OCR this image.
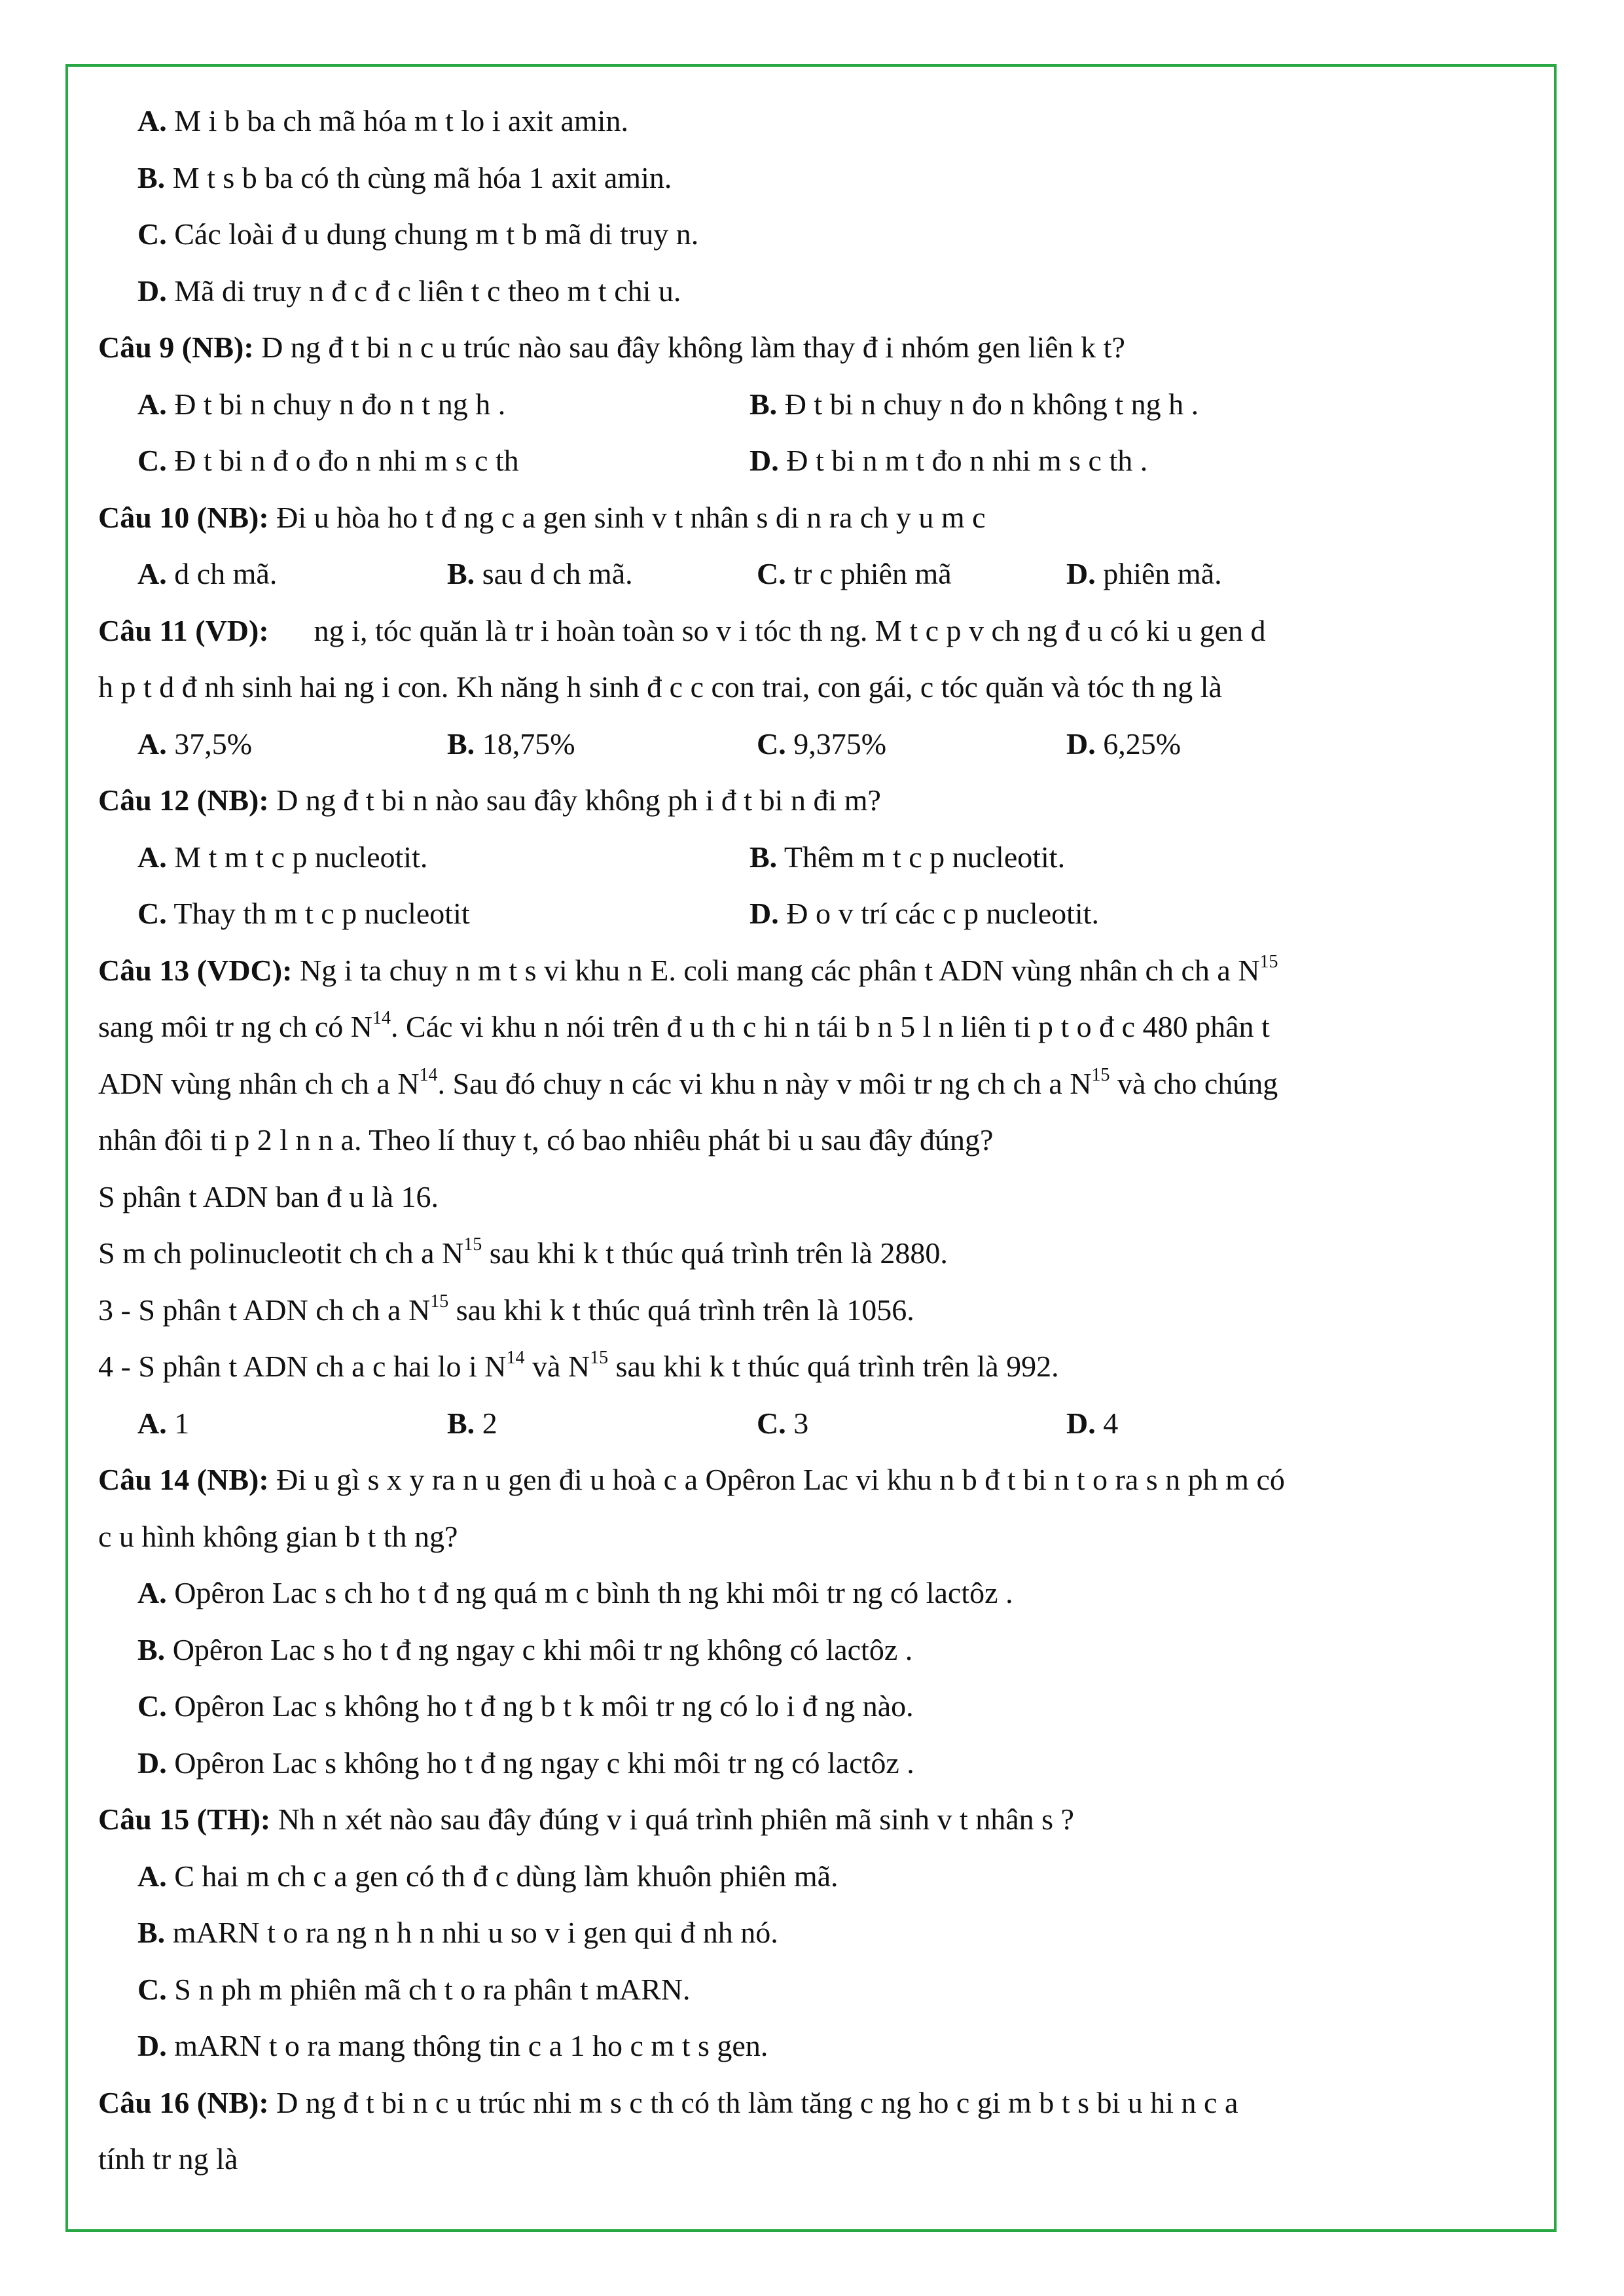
A. M i b ba ch mã hóa m t lo i axit amin.
B. M t s b ba có th cùng mã hóa 1 axit amin.
C. Các loài đ u dung chung m t b mã di truy n.
D. Mã di truy n đ c đ c liên t c theo m t chi u.
Câu 9 (NB): D ng đ t bi n c u trúc nào sau đây không làm thay đ i nhóm gen liên k t?
A. Đ t bi n chuy n đo n t ng h .	B. Đ t bi n chuy n đo n không t ng h .
C. Đ t bi n đ o đo n nhi m s c th	D. Đ t bi n m t đo n nhi m s c th .
Câu 10 (NB): Đi u hòa ho t đ ng c a gen sinh v t nhân s di n ra ch y u m c
A. d ch mã.	B. sau d ch mã.	C. tr c phiên mã	D. phiên mã.
Câu 11 (VD): ng i, tóc quăn là tr i hoàn toàn so v i tóc th ng. M t c p v ch ng đ u có ki u gen d
h p t d đ nh sinh hai ng i con. Kh năng h sinh đ c c con trai, con gái, c tóc quăn và tóc th ng là
A. 37,5%	B. 18,75%	C. 9,375%	D. 6,25%
Câu 12 (NB): D ng đ t bi n nào sau đây không ph i đ t bi n đi m?
A. M t m t c p nucleotit.	B. Thêm m t c p nucleotit.
C. Thay th m t c p nucleotit	D. Đ o v trí các c p nucleotit.
Câu 13 (VDC): Ng i ta chuy n m t s vi khu n E. coli mang các phân t ADN vùng nhân ch ch a $N^{15}$
sang môi tr ng ch có $N^{14}$. Các vi khu n nói trên đ u th c hi n tái b n 5 l n liên ti p t o đ c 480 phân t
ADN vùng nhân ch ch a $N^{14}$. Sau đó chuy n các vi khu n này v môi tr ng ch ch a $N^{15}$ và cho chúng
nhân đôi ti p 2 l n n a. Theo lí thuy t, có bao nhiêu phát bi u sau đây đúng?
S phân t ADN ban đ u là 16.
S m ch polinucleotit ch ch a $N^{15}$ sau khi k t thúc quá trình trên là 2880.
3 - S phân t ADN ch ch a $N^{15}$ sau khi k t thúc quá trình trên là 1056.
4 - S phân t ADN ch a c hai lo i $N^{14}$ và $N^{15}$ sau khi k t thúc quá trình trên là 992.
A. 1	B. 2	C. 3	D. 4
Câu 14 (NB): Đi u gì s x y ra n u gen đi u hoà c a Opêron Lac vi khu n b đ t bi n t o ra s n ph m có
c u hình không gian b t th ng?
A. Opêron Lac s ch ho t đ ng quá m c bình th ng khi môi tr ng có lactôz .
B. Opêron Lac s ho t đ ng ngay c khi môi tr ng không có lactôz .
C. Opêron Lac s không ho t đ ng b t k môi tr ng có lo i đ ng nào.
D. Opêron Lac s không ho t đ ng ngay c khi môi tr ng có lactôz .
Câu 15 (TH): Nh n xét nào sau đây đúng v i quá trình phiên mã sinh v t nhân s ?
A. C hai m ch c a gen có th đ c dùng làm khuôn phiên mã.
B. mARN t o ra ng n h n nhi u so v i gen qui đ nh nó.
C. S n ph m phiên mã ch t o ra phân t mARN.
D. mARN t o ra mang thông tin c a 1 ho c m t s gen.
Câu 16 (NB): D ng đ t bi n c u trúc nhi m s c th có th làm tăng c ng ho c gi m b t s bi u hi n c a
tính tr ng là
